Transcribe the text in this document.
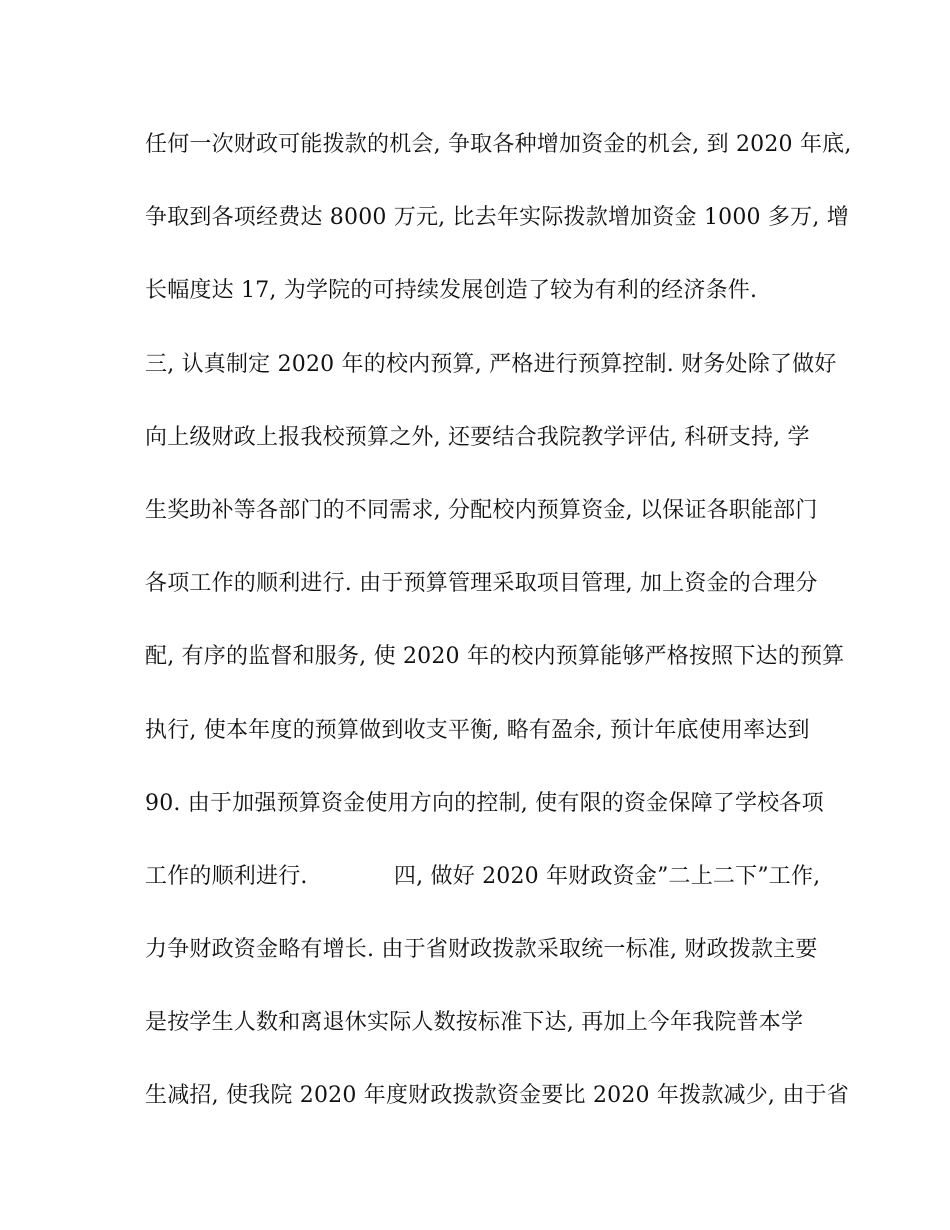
任何一次财政可能拨款的机会, 争取各种增加资金的机会, 到 2020 年底,
争取到各项经费达 8000 万元, 比去年实际拨款增加资金 1000 多万, 增
长幅度达 17, 为学院的可持续发展创造了较为有利的经济条件.
三, 认真制定 2020 年的校内预算, 严格进行预算控制. 财务处除了做好
向上级财政上报我校预算之外, 还要结合我院教学评估, 科研支持, 学
生奖助补等各部门的不同需求, 分配校内预算资金, 以保证各职能部门
各项工作的顺利进行. 由于预算管理采取项目管理, 加上资金的合理分
配, 有序的监督和服务, 使 2020 年的校内预算能够严格按照下达的预算
执行, 使本年度的预算做到收支平衡, 略有盈余, 预计年底使用率达到
90. 由于加强预算资金使用方向的控制, 使有限的资金保障了学校各项
工作的顺利进行.            四, 做好 2020 年财政资金”二上二下”工作,
力争财政资金略有增长. 由于省财政拨款采取统一标准, 财政拨款主要
是按学生人数和离退休实际人数按标准下达, 再加上今年我院普本学
生减招, 使我院 2020 年度财政拨款资金要比 2020 年拨款减少, 由于省
